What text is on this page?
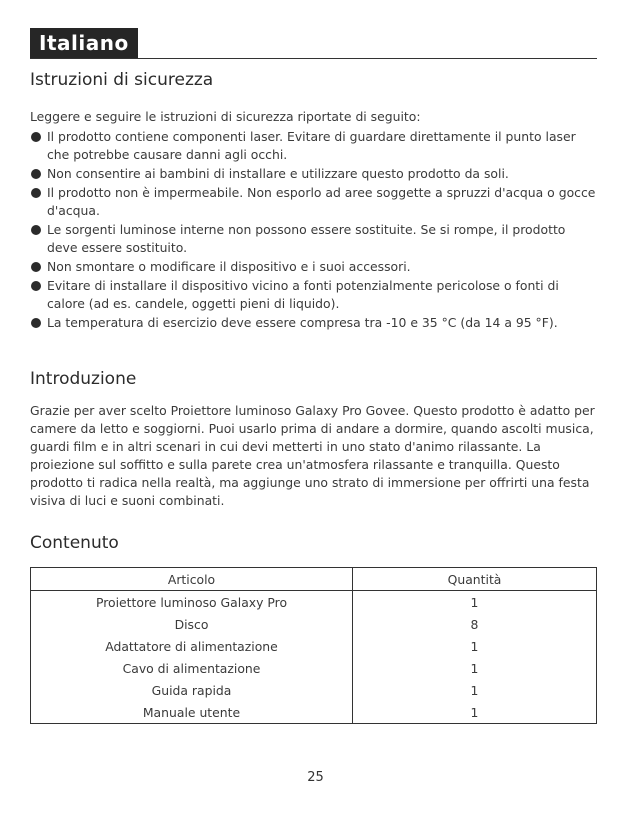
Italiano
Istruzioni di sicurezza

Leggere e seguire le istruzioni di sicurezza riportate di seguito:

Il prodotto contiene componenti laser. Evitare di guardare direttamente il punto laser che potrebbe causare danni agli occhi.
Non consentire ai bambini di installare e utilizzare questo prodotto da soli.
Il prodotto non è impermeabile. Non esporlo ad aree soggette a spruzzi d'acqua o gocce d'acqua.
Le sorgenti luminose interne non possono essere sostituite. Se si rompe, il prodotto deve essere sostituito.
Non smontare o modificare il dispositivo e i suoi accessori.
Evitare di installare il dispositivo vicino a fonti potenzialmente pericolose o fonti di calore (ad es. candele, oggetti pieni di liquido).
La temperatura di esercizio deve essere compresa tra -10 e 35 °C (da 14 a 95 °F).
Introduzione

Grazie per aver scelto Proiettore luminoso Galaxy Pro Govee. Questo prodotto è adatto per camere da letto e soggiorni. Puoi usarlo prima di andare a dormire, quando ascolti musica, guardi film e in altri scenari in cui devi metterti in uno stato d'animo rilassante. La proiezione sul soffitto e sulla parete crea un'atmosfera rilassante e tranquilla. Questo prodotto ti radica nella realtà, ma aggiunge uno strato di immersione per offrirti una festa visiva di luci e suoni combinati.

Contenuto
Articolo	Quantità
Proiettore luminoso Galaxy Pro	1
Disco	8
Adattatore di alimentazione	1
Cavo di alimentazione	1
Guida rapida	1
Manuale utente	1
25
